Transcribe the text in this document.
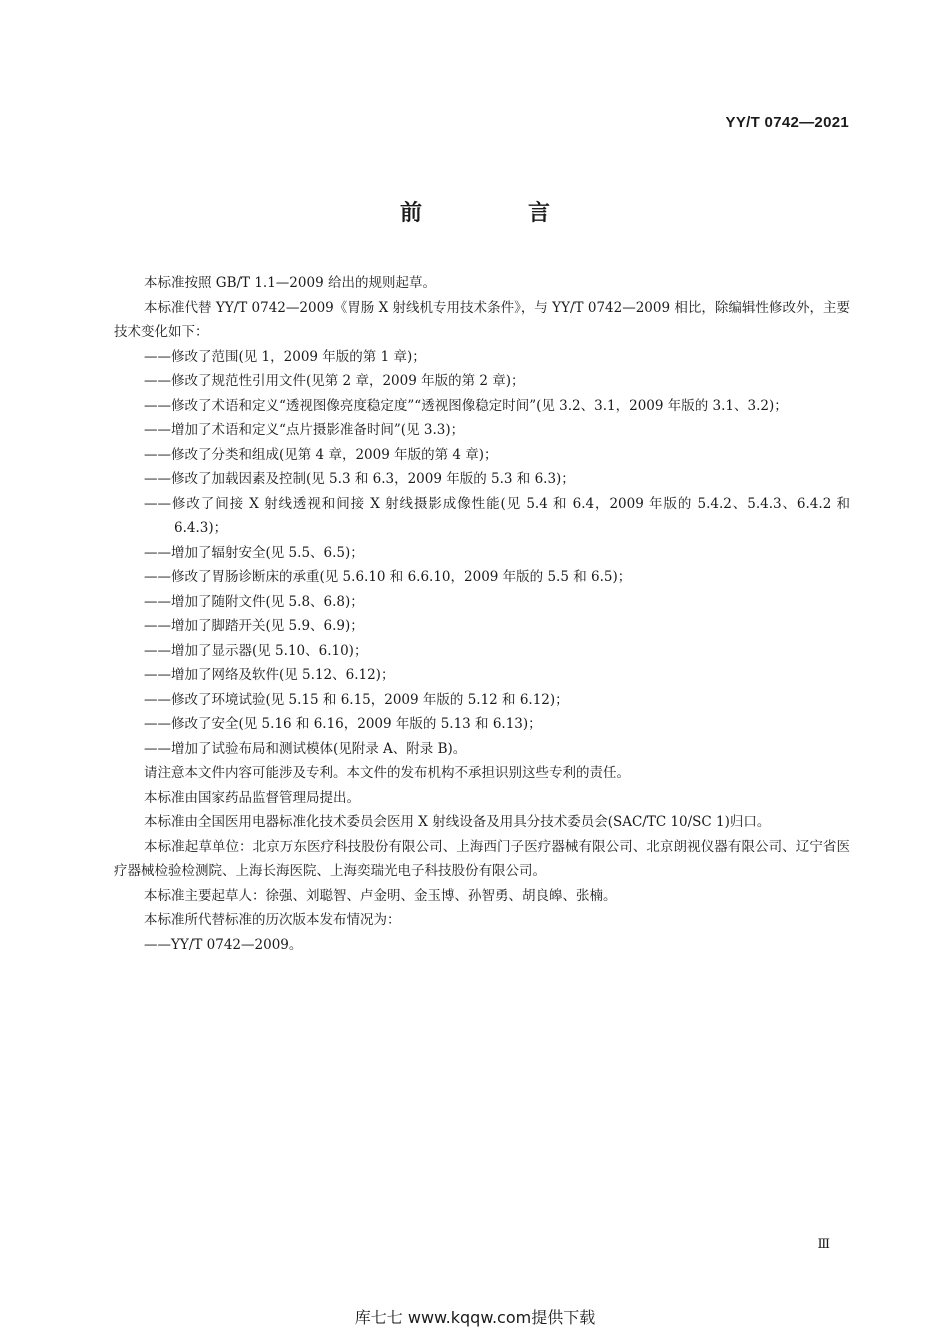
YY/T 0742—2021
前　言

本标准按照 GB/T 1.1—2009 给出的规则起草。

本标准代替 YY/T 0742—2009《胃肠 X 射线机专用技术条件》，与 YY/T 0742—2009 相比，除编辑性修改外，主要技术变化如下：

——修改了范围(见 1，2009 年版的第 1 章)；

——修改了规范性引用文件(见第 2 章，2009 年版的第 2 章)；

——修改了术语和定义“透视图像亮度稳定度”“透视图像稳定时间”(见 3.2、3.1，2009 年版的 3.1、3.2)；

——增加了术语和定义“点片摄影准备时间”(见 3.3)；

——修改了分类和组成(见第 4 章，2009 年版的第 4 章)；

——修改了加载因素及控制(见 5.3 和 6.3，2009 年版的 5.3 和 6.3)；

——修改了间接 X 射线透视和间接 X 射线摄影成像性能(见 5.4 和 6.4，2009 年版的 5.4.2、5.4.3、6.4.2 和 6.4.3)；

——增加了辐射安全(见 5.5、6.5)；

——修改了胃肠诊断床的承重(见 5.6.10 和 6.6.10，2009 年版的 5.5 和 6.5)；

——增加了随附文件(见 5.8、6.8)；

——增加了脚踏开关(见 5.9、6.9)；

——增加了显示器(见 5.10、6.10)；

——增加了网络及软件(见 5.12、6.12)；

——修改了环境试验(见 5.15 和 6.15，2009 年版的 5.12 和 6.12)；

——修改了安全(见 5.16 和 6.16，2009 年版的 5.13 和 6.13)；

——增加了试验布局和测试模体(见附录 A、附录 B)。

请注意本文件内容可能涉及专利。本文件的发布机构不承担识别这些专利的责任。

本标准由国家药品监督管理局提出。

本标准由全国医用电器标准化技术委员会医用 X 射线设备及用具分技术委员会(SAC/TC 10/SC 1)归口。

本标准起草单位：北京万东医疗科技股份有限公司、上海西门子医疗器械有限公司、北京朗视仪器有限公司、辽宁省医疗器械检验检测院、上海长海医院、上海奕瑞光电子科技股份有限公司。

本标准主要起草人：徐强、刘聪智、卢金明、金玉博、孙智勇、胡良皞、张楠。

本标准所代替标准的历次版本发布情况为：

——YY/T 0742—2009。

Ⅲ
库七七 www.kqqw.com提供下载
